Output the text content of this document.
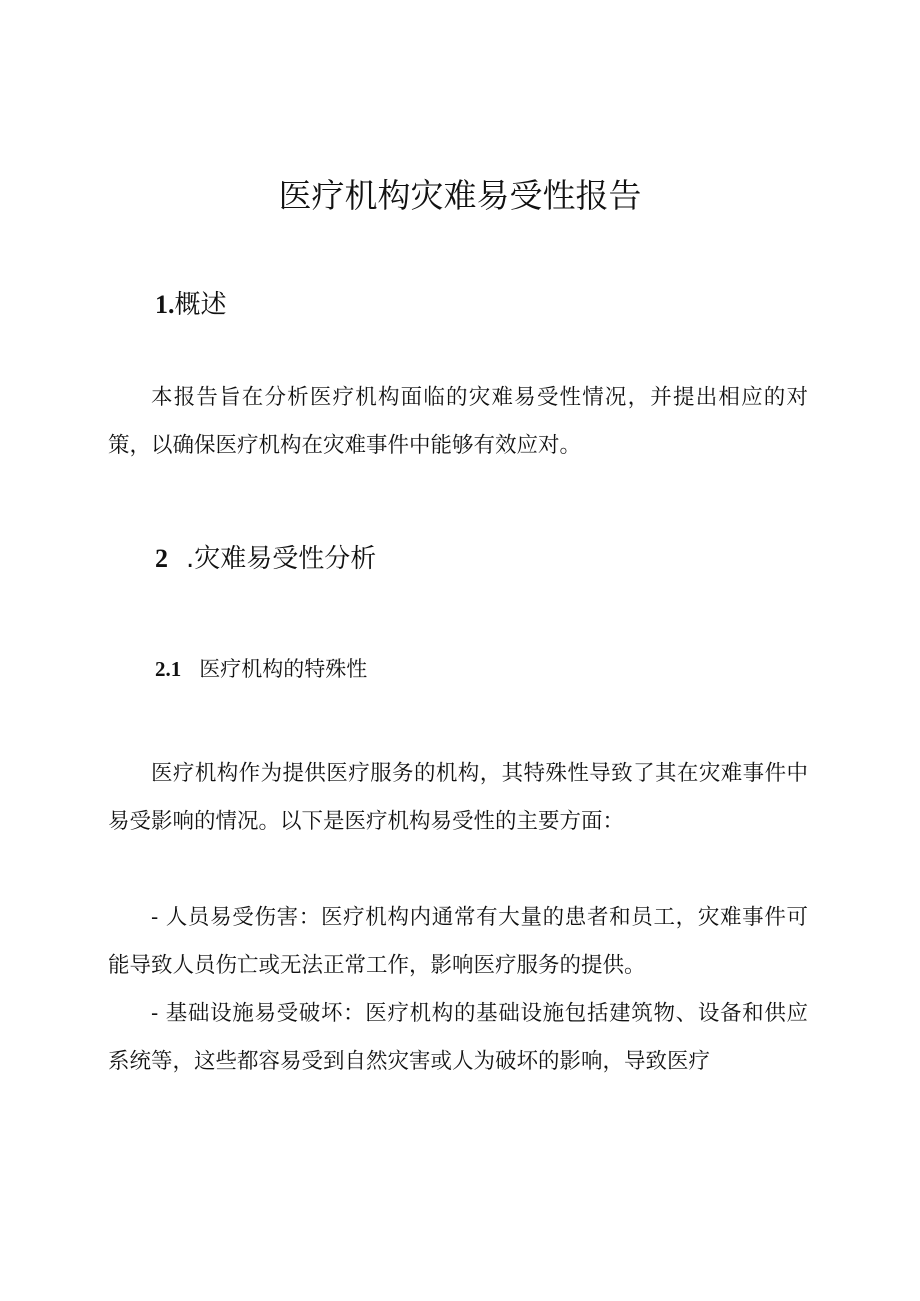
医疗机构灾难易受性报告
1.概述

本报告旨在分析医疗机构面临的灾难易受性情况，并提出相应的对策，以确保医疗机构在灾难事件中能够有效应对。

2 .灾难易受性分析
2.1 医疗机构的特殊性

医疗机构作为提供医疗服务的机构，其特殊性导致了其在灾难事件中易受影响的情况。以下是医疗机构易受性的主要方面：

- 人员易受伤害：医疗机构内通常有大量的患者和员工，灾难事件可能导致人员伤亡或无法正常工作，影响医疗服务的提供。

- 基础设施易受破坏：医疗机构的基础设施包括建筑物、设备和供应系统等，这些都容易受到自然灾害或人为破坏的影响，导致医疗
